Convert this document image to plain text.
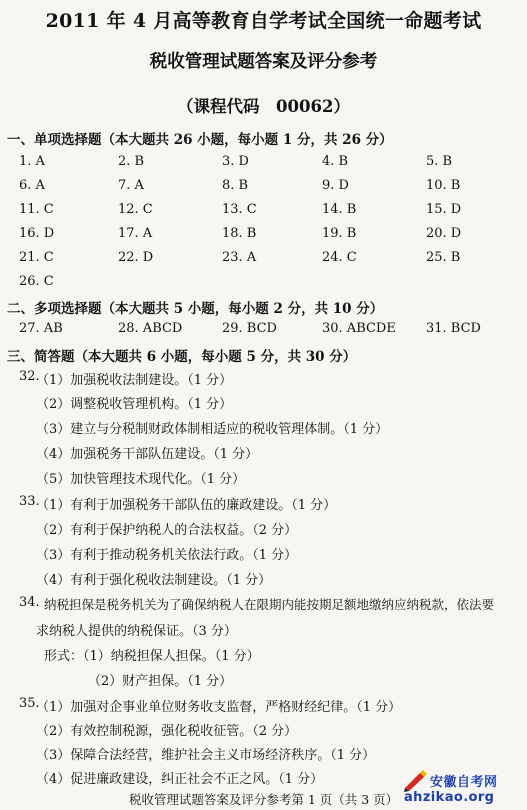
2011 年 4 月高等教育自学考试全国统一命题考试
税收管理试题答案及评分参考
（课程代码　00062）
一、单项选择题（本大题共 26 小题，每小题 1 分，共 26 分）
1. A	2. B	3. D	4. B	5. B
6. A	7. A	8. B	9. D	10. B
11. C	12. C	13. C	14. B	15. D
16. D	17. A	18. B	19. B	20. D
21. C	22. D	23. A	24. C	25. B
26. C
二、多项选择题（本大题共 5 小题，每小题 2 分，共 10 分）
27. AB	28. ABCD	29. BCD	30. ABCDE 31. BCD
三、简答题（本大题共 6 小题，每小题 5 分，共 30 分）
32.
（1）加强税收法制建设。（1 分）
（2）调整税收管理机构。（1 分）
（3）建立与分税制财政体制相适应的税收管理体制。（1 分）
（4）加强税务干部队伍建设。（1 分）
（5）加快管理技术现代化。（1 分）
33.
（1）有利于加强税务干部队伍的廉政建设。（1 分）
（2）有利于保护纳税人的合法权益。（2 分）
（3）有利于推动税务机关依法行政。（1 分）
（4）有利于强化税收法制建设。（1 分）
34. 纳税担保是税务机关为了确保纳税人在限期内能按期足额地缴纳应纳税款，依法要
求纳税人提供的纳税保证。（3 分）
形式：（1）纳税担保人担保。（1 分）
（2）财产担保。（1 分）
35.
（1）加强对企事业单位财务收支监督，严格财经纪律。（1 分）
（2）有效控制税源，强化税收征管。（2 分）
（3）保障合法经营，维护社会主义市场经济秩序。（1 分）
（4）促进廉政建设，纠正社会不正之风。（1 分）
税收管理试题答案及评分参考第 1 页（共 3 页）
安徽自考网
ahzikao.org
